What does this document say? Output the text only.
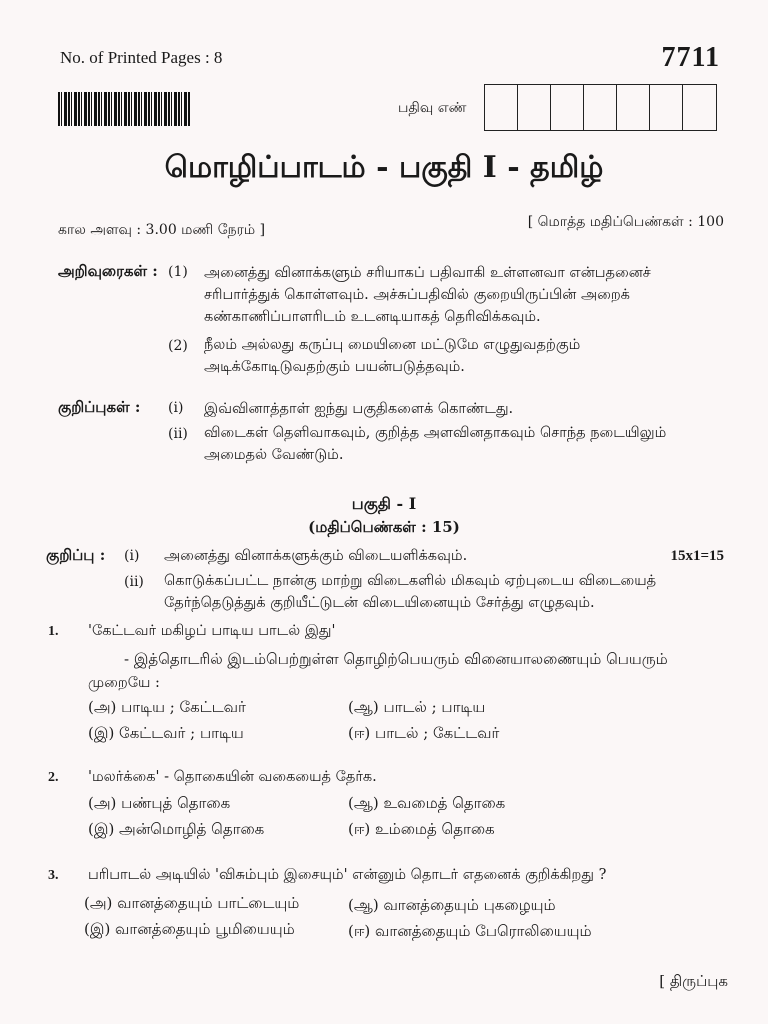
No. of Printed Pages : 8	7711
பதிவு எண்
மொழிப்பாடம் - பகுதி I - தமிழ்
கால அளவு : 3.00 மணி நேரம் ]	[ மொத்த மதிப்பெண்கள் : 100
அறிவுரைகள் : (1) அனைத்து வினாக்களும் சரியாகப் பதிவாகி உள்ளனவா என்பதனைச்
சரிபார்த்துக் கொள்ளவும். அச்சுப்பதிவில் குறையிருப்பின் அறைக்
கண்காணிப்பாளரிடம் உடனடியாகத் தெரிவிக்கவும்.
(2) நீலம் அல்லது கருப்பு மையினை மட்டுமே எழுதுவதற்கும்
அடிக்கோடிடுவதற்கும் பயன்படுத்தவும்.
குறிப்புகள் : (i) இவ்வினாத்தாள் ஐந்து பகுதிகளைக் கொண்டது.
(ii) விடைகள் தெளிவாகவும், குறித்த அளவினதாகவும் சொந்த நடையிலும்
அமைதல் வேண்டும்.
பகுதி - I
(மதிப்பெண்கள் : 15)
குறிப்பு : (i) அனைத்து வினாக்களுக்கும் விடையளிக்கவும்.	15x1=15
(ii) கொடுக்கப்பட்ட நான்கு மாற்று விடைகளில் மிகவும் ஏற்புடைய விடையைத்
தேர்ந்தெடுத்துக் குறியீட்டுடன் விடையினையும் சேர்த்து எழுதவும்.
1. 'கேட்டவர் மகிழப் பாடிய பாடல் இது'
- இத்தொடரில் இடம்பெற்றுள்ள தொழிற்பெயரும் வினையாலணையும் பெயரும்
முறையே :
(அ) பாடிய ; கேட்டவர்	(ஆ) பாடல் ; பாடிய
(இ) கேட்டவர் ; பாடிய	(ஈ) பாடல் ; கேட்டவர்
2. 'மலர்க்கை' - தொகையின் வகையைத் தேர்க.
(அ) பண்புத் தொகை	(ஆ) உவமைத் தொகை
(இ) அன்மொழித் தொகை	(ஈ) உம்மைத் தொகை
3. பரிபாடல் அடியில் 'விசும்பும் இசையும்' என்னும் தொடர் எதனைக் குறிக்கிறது ?
(அ) வானத்தையும் பாட்டையும்	(ஆ) வானத்தையும் புகழையும்
(இ) வானத்தையும் பூமியையும்	(ஈ) வானத்தையும் பேரொலியையும்
[ திருப்புக
